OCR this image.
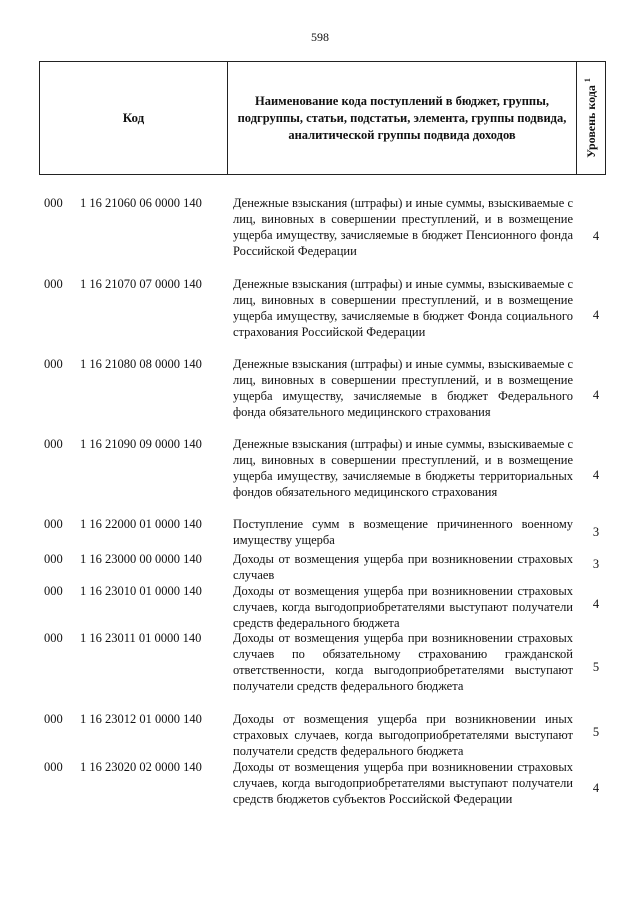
598
Код
Наименование кода поступлений в бюджет, группы, подгруппы, статьи, подстатьи, элемента, группы подвида, аналитической группы подвида доходов	Уровень кода $^1$
000 1 16 21060 06 0000 140 Денежные взыскания (штрафы) и иные суммы, взыскиваемые с лиц, виновных в совершении преступлений, и в возмещение ущерба имуществу, зачисляемые в бюджет Пенсионного фонда Российской Федерации
4
000 1 16 21070 07 0000 140 Денежные взыскания (штрафы) и иные суммы, взыскиваемые с лиц, виновных в совершении преступлений, и в возмещение ущерба имуществу, зачисляемые в бюджет Фонда социального страхования Российской Федерации
4
000 1 16 21080 08 0000 140 Денежные взыскания (штрафы) и иные суммы, взыскиваемые с лиц, виновных в совершении преступлений, и в возмещение ущерба имуществу, зачисляемые в бюджет Федерального фонда обязательного медицинского страхования
4
000 1 16 21090 09 0000 140 Денежные взыскания (штрафы) и иные суммы, взыскиваемые с лиц, виновных в совершении преступлений, и в возмещение ущерба имуществу, зачисляемые в бюджеты территориальных фондов обязательного медицинского страхования
4
000 1 16 22000 01 0000 140 Поступление сумм в возмещение причиненного военному имуществу ущерба
3
000 1 16 23000 00 0000 140 Доходы от возмещения ущерба при возникновении страховых случаев
3
000 1 16 23010 01 0000 140 Доходы от возмещения ущерба при возникновении страховых случаев, когда выгодоприобретателями выступают получатели средств федерального бюджета
4
000 1 16 23011 01 0000 140	Доходы от возмещения ущерба при возникновении страховых случаев по обязательному страхованию гражданской ответственности, когда выгодоприобретателями выступают получатели средств федерального бюджета
5
000 1 16 23012 01 0000 140 Доходы от возмещения ущерба при возникновении иных страховых случаев, когда выгодоприобретателями выступают получатели средств федерального бюджета
5
000 1 16 23020 02 0000 140 Доходы от возмещения ущерба при возникновении страховых случаев, когда выгодоприобретателями выступают получатели средств бюджетов субъектов Российской Федерации
4
